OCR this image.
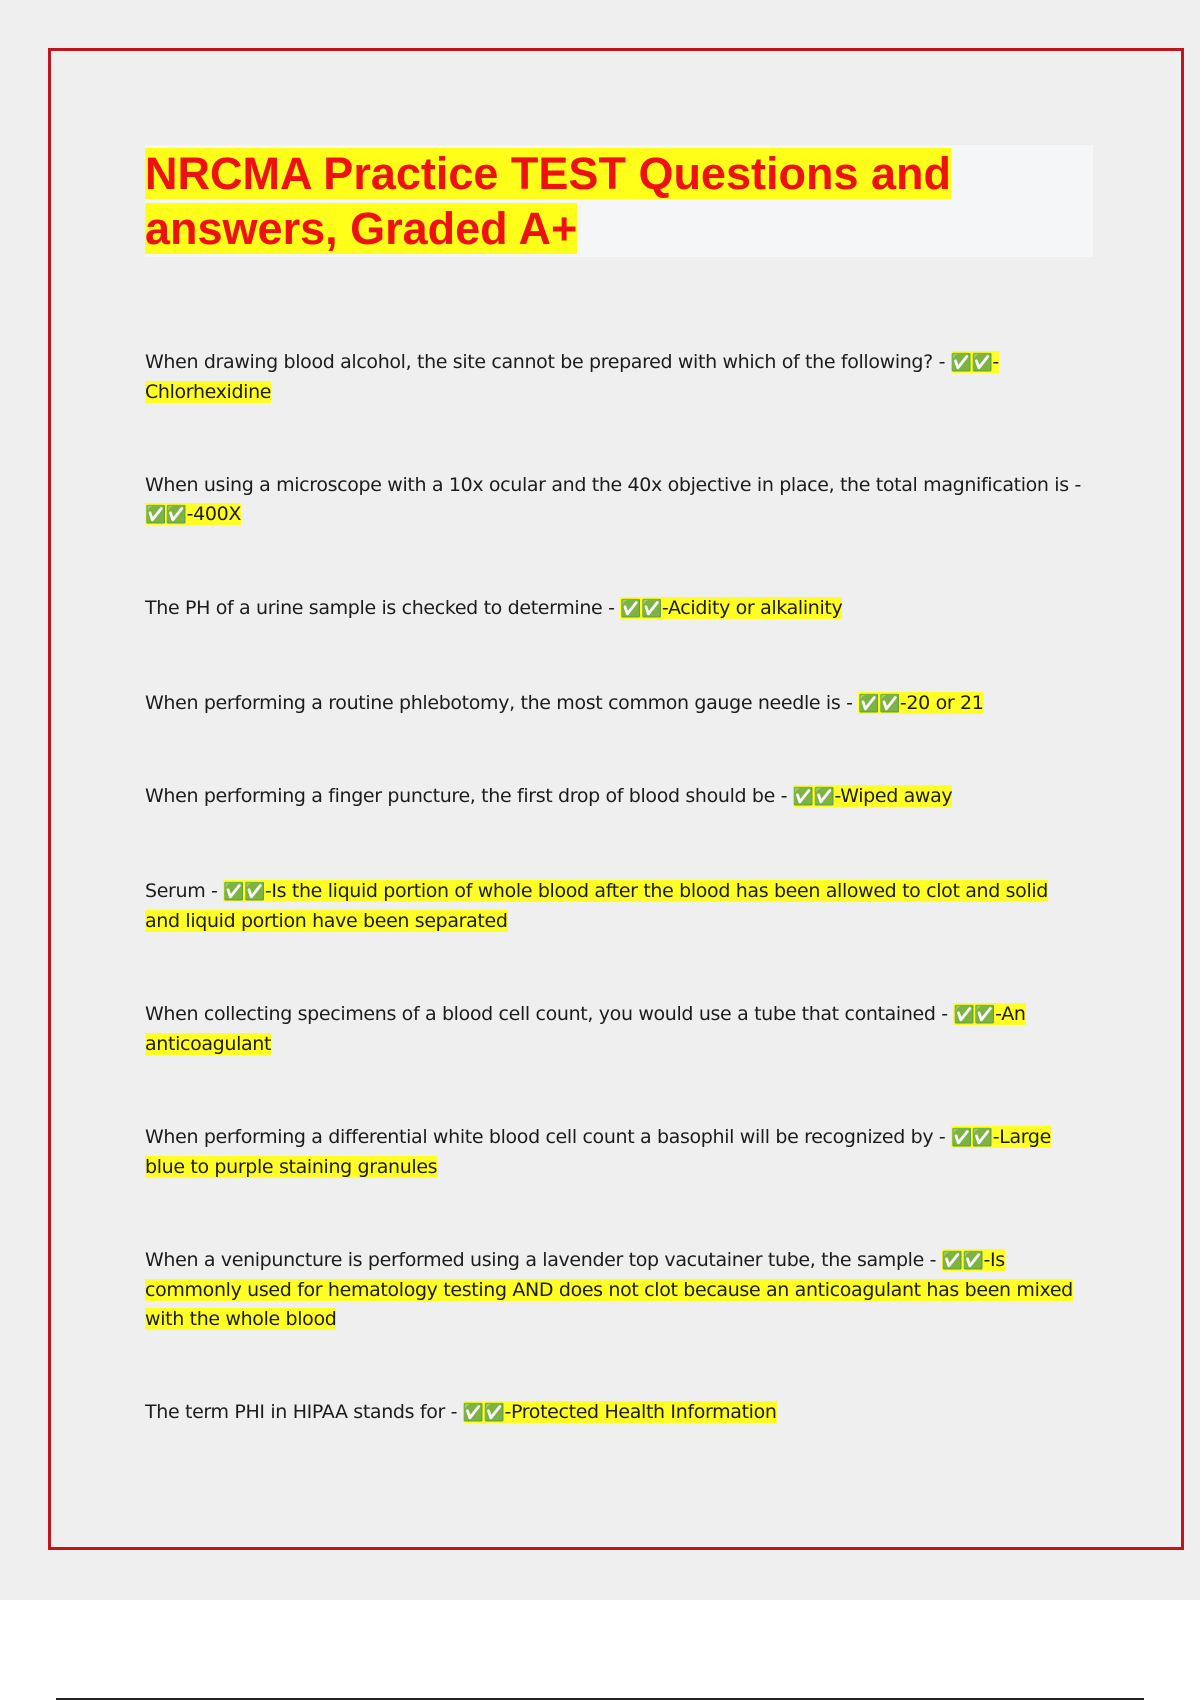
NRCMA Practice TEST Questions and answers, Graded A+

When drawing blood alcohol, the site cannot be prepared with which of the following? - ✅✅-Chlorhexidine

When using a microscope with a 10x ocular and the 40x objective in place, the total magnification is - ✅✅-400X

The PH of a urine sample is checked to determine - ✅✅-Acidity or alkalinity

When performing a routine phlebotomy, the most common gauge needle is - ✅✅-20 or 21

When performing a finger puncture, the first drop of blood should be - ✅✅-Wiped away

Serum - ✅✅-Is the liquid portion of whole blood after the blood has been allowed to clot and solid and liquid portion have been separated

When collecting specimens of a blood cell count, you would use a tube that contained - ✅✅-An anticoagulant

When performing a differential white blood cell count a basophil will be recognized by - ✅✅-Large blue to purple staining granules

When a venipuncture is performed using a lavender top vacutainer tube, the sample - ✅✅-Is commonly used for hematology testing AND does not clot because an anticoagulant has been mixed with the whole blood

The term PHI in HIPAA stands for - ✅✅-Protected Health Information
